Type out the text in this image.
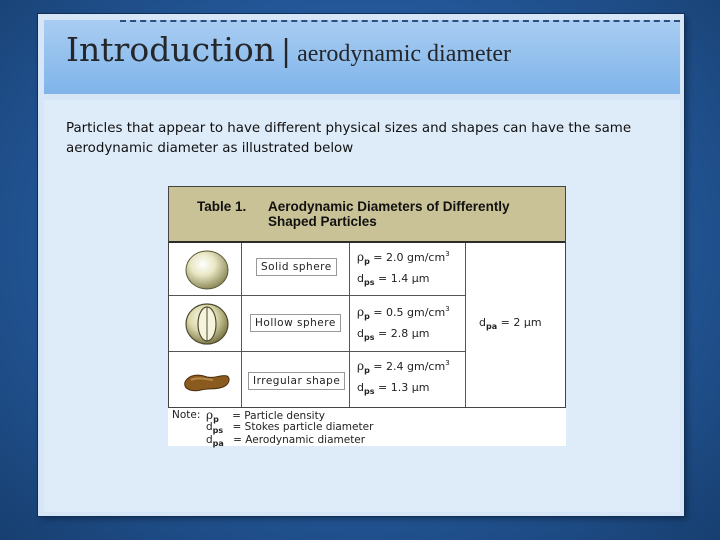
Introduction | aerodynamic diameter
Particles that appear to have different physical sizes and shapes can have the same aerodynamic diameter as illustrated below
Table 1. Aerodynamic Diameters of Differently Shaped Particles
Solid sphere
$\rho_p = 2.0$ $gm/cm^3$
$d_{ps} = 1.4$ μm
Hollow sphere
$\rho_p = 0.5$ $gm/cm^3$
$d_{ps} = 2.8$ μm
$d_{pa} = 2$ μm
Irregular shape
$\rho_p = 2.4$ $gm/cm^3$
$d_{ps} = 1.3$ μm
Note: $\rho_p$ = Particle density
$d_{ps}$ = Stokes particle diameter
$d_{pa}$ = Aerodynamic diameter
